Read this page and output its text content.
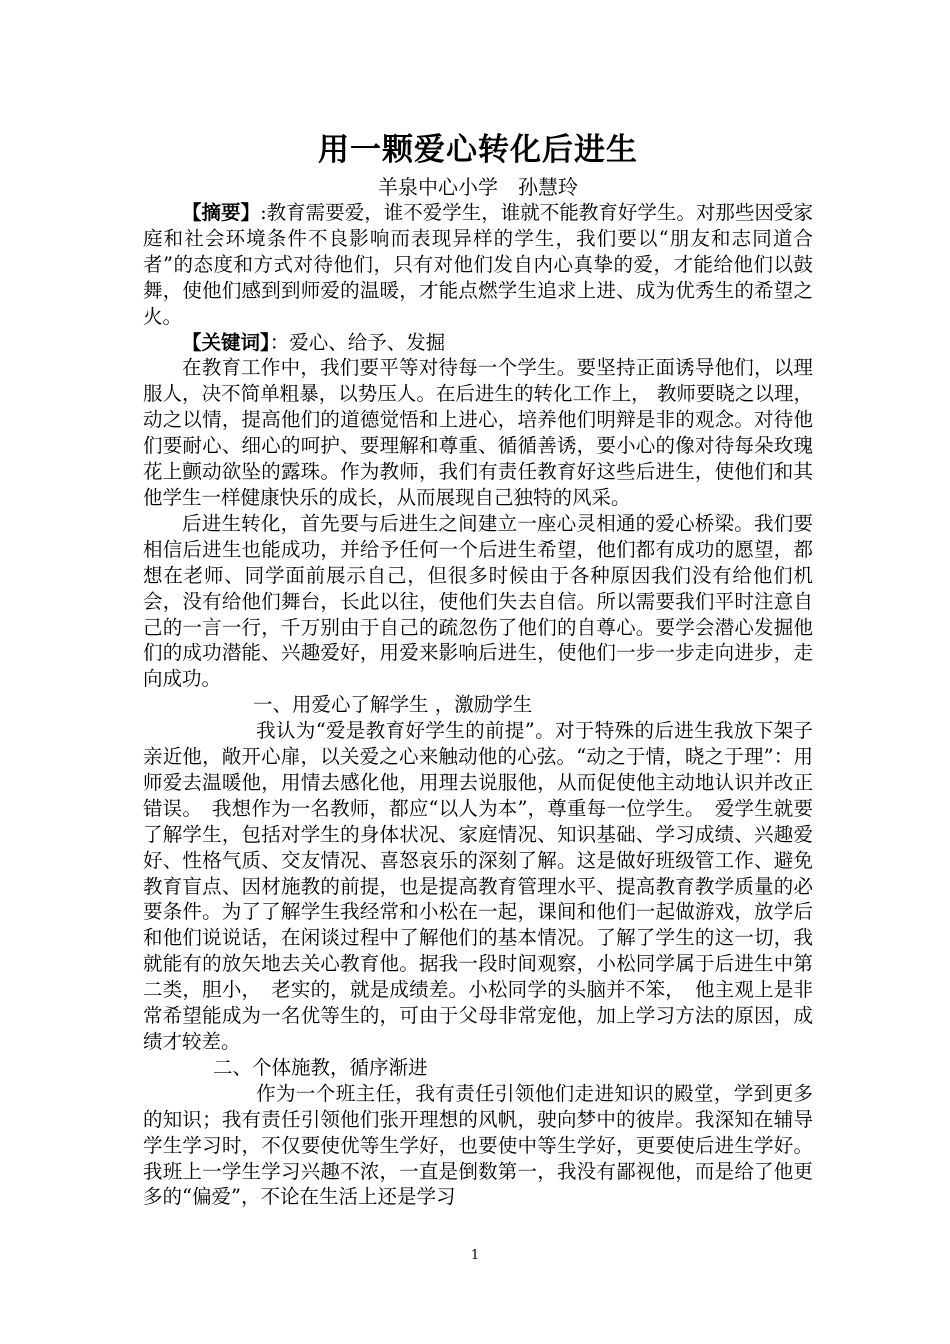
用一颗爱心转化后进生

羊泉中心小学　孙慧玲

【摘要】:教育需要爱，谁不爱学生，谁就不能教育好学生。对那些因受家庭和社会环境条件不良影响而表现异样的学生，我们要以“朋友和志同道合者”的态度和方式对待他们，只有对他们发自内心真挚的爱，才能给他们以鼓舞，使他们感到到师爱的温暖，才能点燃学生追求上进、成为优秀生的希望之火。

【关键词】：爱心、给予、发掘

在教育工作中，我们要平等对待每一个学生。要坚持正面诱导他们，以理服人，决不简单粗暴，以势压人。在后进生的转化工作上， 教师要晓之以理，动之以情，提高他们的道德觉悟和上进心，培养他们明辩是非的观念。对待他们要耐心、细心的呵护、要理解和尊重、循循善诱，要小心的像对待每朵玫瑰花上颤动欲坠的露珠。作为教师，我们有责任教育好这些后进生，使他们和其他学生一样健康快乐的成长，从而展现自己独特的风采。

后进生转化，首先要与后进生之间建立一座心灵相通的爱心桥梁。我们要相信后进生也能成功，并给予任何一个后进生希望，他们都有成功的愿望，都想在老师、同学面前展示自己，但很多时候由于各种原因我们没有给他们机会，没有给他们舞台，长此以往，使他们失去自信。所以需要我们平时注意自己的一言一行，千万别由于自己的疏忽伤了他们的自尊心。要学会潜心发掘他们的成功潜能、兴趣爱好，用爱来影响后进生，使他们一步一步走向进步，走向成功。

一、用爱心了解学生 ，激励学生

我认为“爱是教育好学生的前提”。对于特殊的后进生我放下架子亲近他，敞开心扉，以关爱之心来触动他的心弦。“动之于情，晓之于理”：用师爱去温暖他，用情去感化他，用理去说服他，从而促使他主动地认识并改正错误。　我想作为一名教师，都应“以人为本”，尊重每一位学生。　爱学生就要了解学生，包括对学生的身体状况、家庭情况、知识基础、学习成绩、兴趣爱好、性格气质、交友情况、喜怒哀乐的深刻了解。这是做好班级管工作、避免教育盲点、因材施教的前提，也是提高教育管理水平、提高教育教学质量的必要条件。为了了解学生我经常和小松在一起，课间和他们一起做游戏，放学后和他们说说话，在闲谈过程中了解他们的基本情况。了解了学生的这一切，我就能有的放矢地去关心教育他。据我一段时间观察，小松同学属于后进生中第二类，胆小，　老实的，就是成绩差。小松同学的头脑并不笨，　他主观上是非常希望能成为一名优等生的，可由于父母非常宠他，加上学习方法的原因，成绩才较差。

二、个体施教，循序渐进

作为一个班主任，我有责任引领他们走进知识的殿堂，学到更多的知识；我有责任引领他们张开理想的风帆，驶向梦中的彼岸。我深知在辅导学生学习时，不仅要使优等生学好，也要使中等生学好，更要使后进生学好。我班上一学生学习兴趣不浓，一直是倒数第一，我没有鄙视他，而是给了他更多的“偏爱”，不论在生活上还是学习

1
